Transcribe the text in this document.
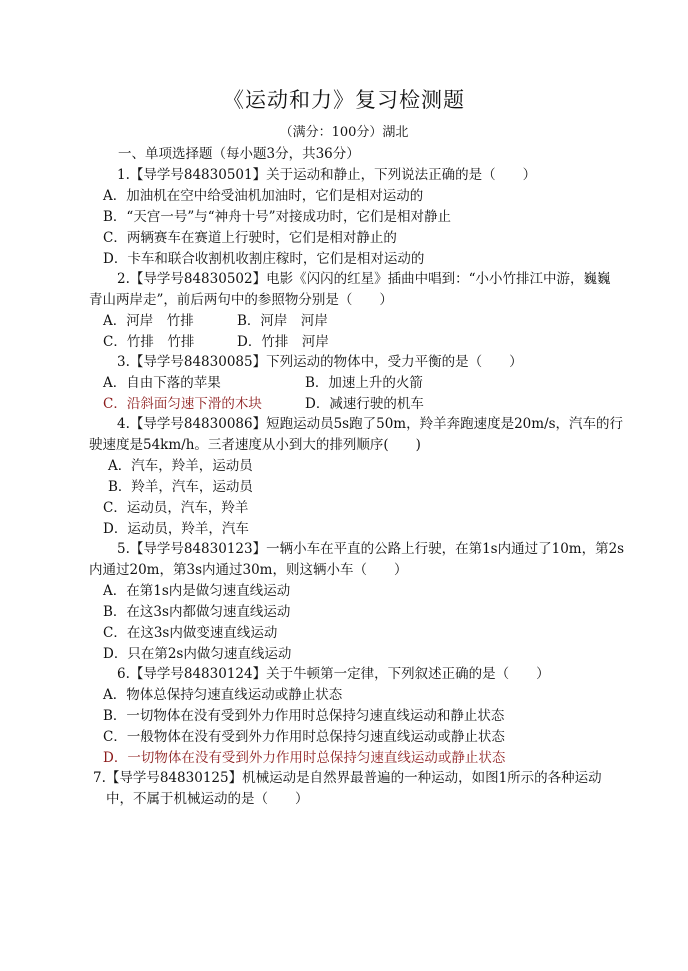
《运动和力》复习检测题
（满分：100分）湖北
一、单项选择题（每小题3分，共36分）
1.【导学号84830501】关于运动和静止，下列说法正确的是（　　）
A．加油机在空中给受油机加油时，它们是相对运动的
B．“天宫一号”与“神舟十号”对接成功时，它们是相对静止
C．两辆赛车在赛道上行驶时，它们是相对静止的
D．卡车和联合收割机收割庄稼时，它们是相对运动的
2.【导学号84830502】电影《闪闪的红星》插曲中唱到：“小小竹排江中游，巍巍
青山两岸走”，前后两句中的参照物分别是（　　）
A．河岸　竹排	B．河岸　河岸
C．竹排　竹排	D．竹排　河岸
3.【导学号84830085】下列运动的物体中，受力平衡的是（　　）
A．自由下落的苹果	B．加速上升的火箭
C．沿斜面匀速下滑的木块	D．减速行驶的机车
4.【导学号84830086】短跑运动员5s跑了50m，羚羊奔跑速度是20m/s，汽车的行
驶速度是54km/h。三者速度从小到大的排列顺序(　　)
A．汽车，羚羊，运动员
B．羚羊，汽车，运动员
C．运动员，汽车，羚羊
D．运动员，羚羊，汽车
5.【导学号84830123】一辆小车在平直的公路上行驶，在第1s内通过了10m，第2s
内通过20m，第3s内通过30m，则这辆小车（　　）
A．在第1s内是做匀速直线运动
B．在这3s内都做匀速直线运动
C．在这3s内做变速直线运动
D．只在第2s内做匀速直线运动
6.【导学号84830124】关于牛顿第一定律，下列叙述正确的是（　　）
A．物体总保持匀速直线运动或静止状态
B．一切物体在没有受到外力作用时总保持匀速直线运动和静止状态
C．一般物体在没有受到外力作用时总保持匀速直线运动或静止状态
D．一切物体在没有受到外力作用时总保持匀速直线运动或静止状态
7.【导学号84830125】机械运动是自然界最普遍的一种运动，如图1所示的各种运动
中，不属于机械运动的是（　　）
